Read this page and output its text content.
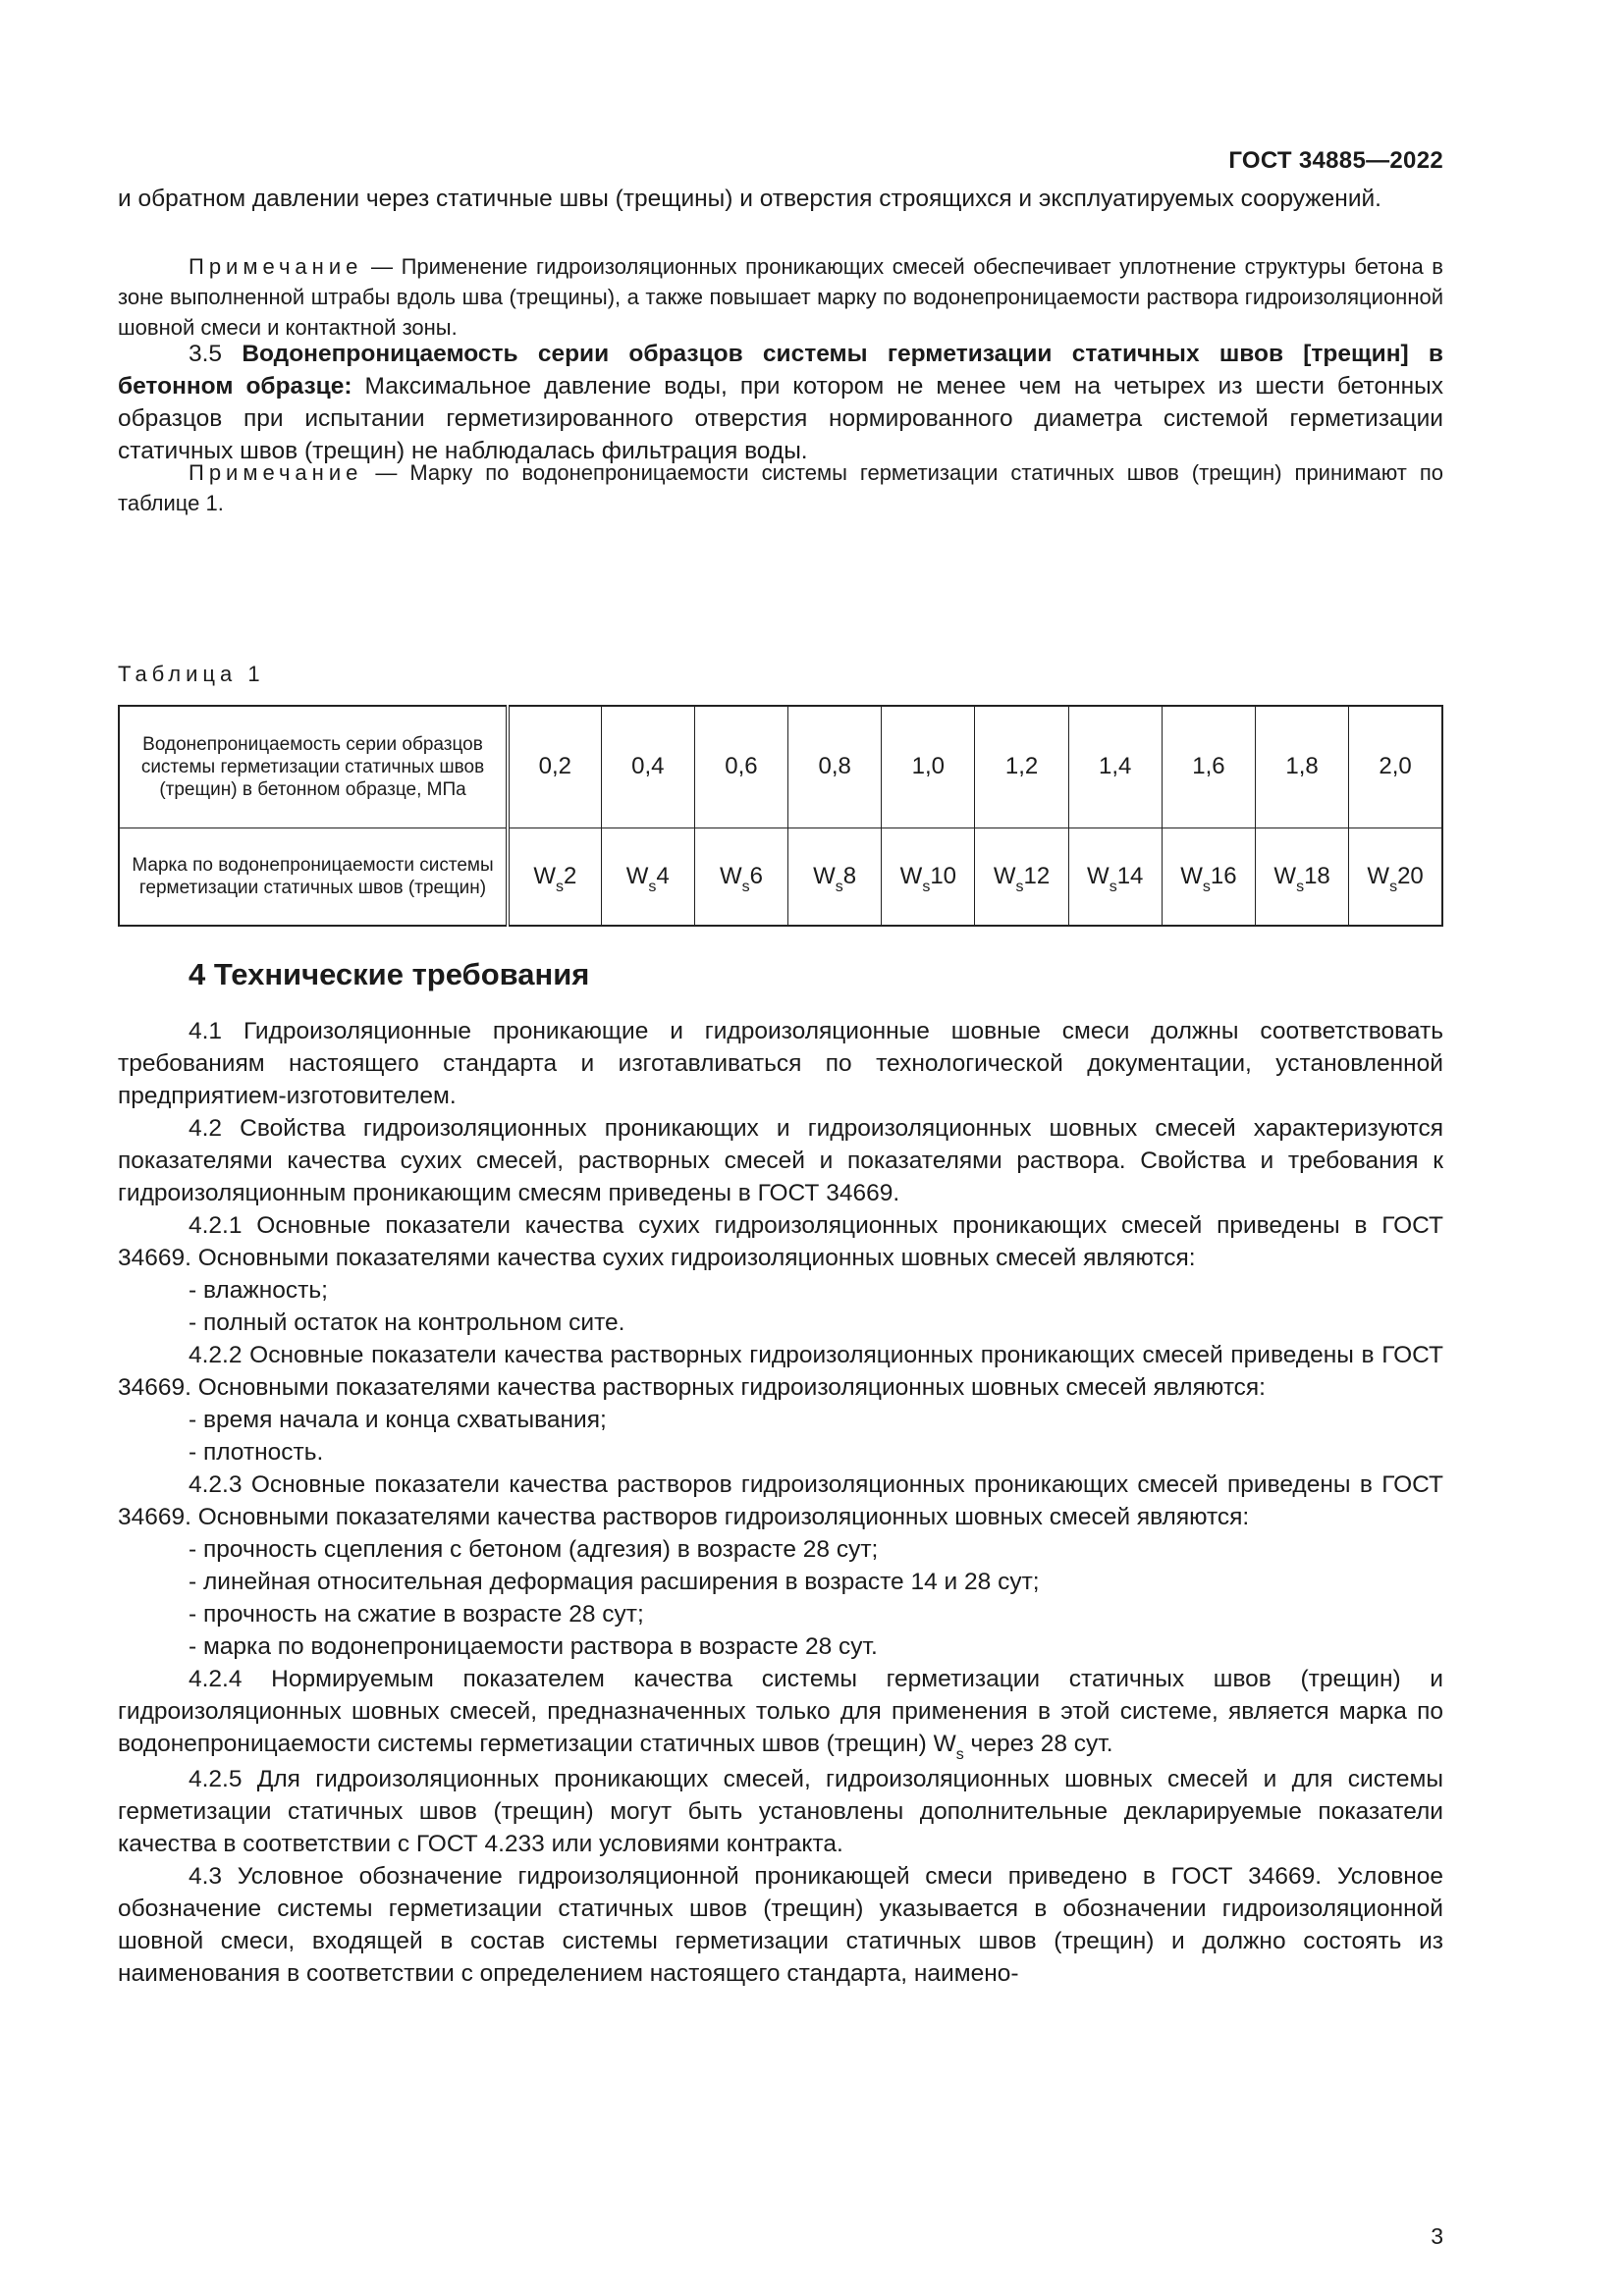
ГОСТ 34885—2022

и обратном давлении через статичные швы (трещины) и отверстия строящихся и эксплуатируемых сооружений.

Примечание — Применение гидроизоляционных проникающих смесей обеспечивает уплотнение структуры бетона в зоне выполненной штрабы вдоль шва (трещины), а также повышает марку по водонепроницаемости раствора гидроизоляционной шовной смеси и контактной зоны.

3.5 Водонепроницаемость серии образцов системы герметизации статичных швов [трещин] в бетонном образце: Максимальное давление воды, при котором не менее чем на четырех из шести бетонных образцов при испытании герметизированного отверстия нормированного диаметра системой герметизации статичных швов (трещин) не наблюдалась фильтрация воды.

Примечание — Марку по водонепроницаемости системы герметизации статичных швов (трещин) принимают по таблице 1.

Таблица 1
Водонепроницаемость серии образцов системы герметизации статичных швов (трещин) в бетонном образце, МПа	0,2	0,4	0,6	0,8	1,0	1,2	1,4	1,6	1,8	2,0
Марка по водонепроницаемости системы герметизации статичных швов (трещин)	$W_s2$	$W_s4$	$W_s6$	$W_s8$	$W_s10$	$W_s12$	$W_s14$	$W_s16$	$W_s18$	$W_s20$
4 Технические требования

4.1 Гидроизоляционные проникающие и гидроизоляционные шовные смеси должны соответствовать требованиям настоящего стандарта и изготавливаться по технологической документации, установленной предприятием-изготовителем.

4.2 Свойства гидроизоляционных проникающих и гидроизоляционных шовных смесей характеризуются показателями качества сухих смесей, растворных смесей и показателями раствора. Свойства и требования к гидроизоляционным проникающим смесям приведены в ГОСТ 34669.

4.2.1 Основные показатели качества сухих гидроизоляционных проникающих смесей приведены в ГОСТ 34669. Основными показателями качества сухих гидроизоляционных шовных смесей являются:

- влажность;
- полный остаток на контрольном сите.

4.2.2 Основные показатели качества растворных гидроизоляционных проникающих смесей приведены в ГОСТ 34669. Основными показателями качества растворных гидроизоляционных шовных смесей являются:

- время начала и конца схватывания;
- плотность.

4.2.3 Основные показатели качества растворов гидроизоляционных проникающих смесей приведены в ГОСТ 34669. Основными показателями качества растворов гидроизоляционных шовных смесей являются:

- прочность сцепления с бетоном (адгезия) в возрасте 28 сут;
- линейная относительная деформация расширения в возрасте 14 и 28 сут;
- прочность на сжатие в возрасте 28 сут;
- марка по водонепроницаемости раствора в возрасте 28 сут.

4.2.4 Нормируемым показателем качества системы герметизации статичных швов (трещин) и гидроизоляционных шовных смесей, предназначенных только для применения в этой системе, является марка по водонепроницаемости системы герметизации статичных швов (трещин) $W_s$ через 28 сут.

4.2.5 Для гидроизоляционных проникающих смесей, гидроизоляционных шовных смесей и для системы герметизации статичных швов (трещин) могут быть установлены дополнительные декларируемые показатели качества в соответствии с ГОСТ 4.233 или условиями контракта.

4.3 Условное обозначение гидроизоляционной проникающей смеси приведено в ГОСТ 34669. Условное обозначение системы герметизации статичных швов (трещин) указывается в обозначении гидроизоляционной шовной смеси, входящей в состав системы герметизации статичных швов (трещин) и должно состоять из наименования в соответствии с определением настоящего стандарта, наимено-

3
